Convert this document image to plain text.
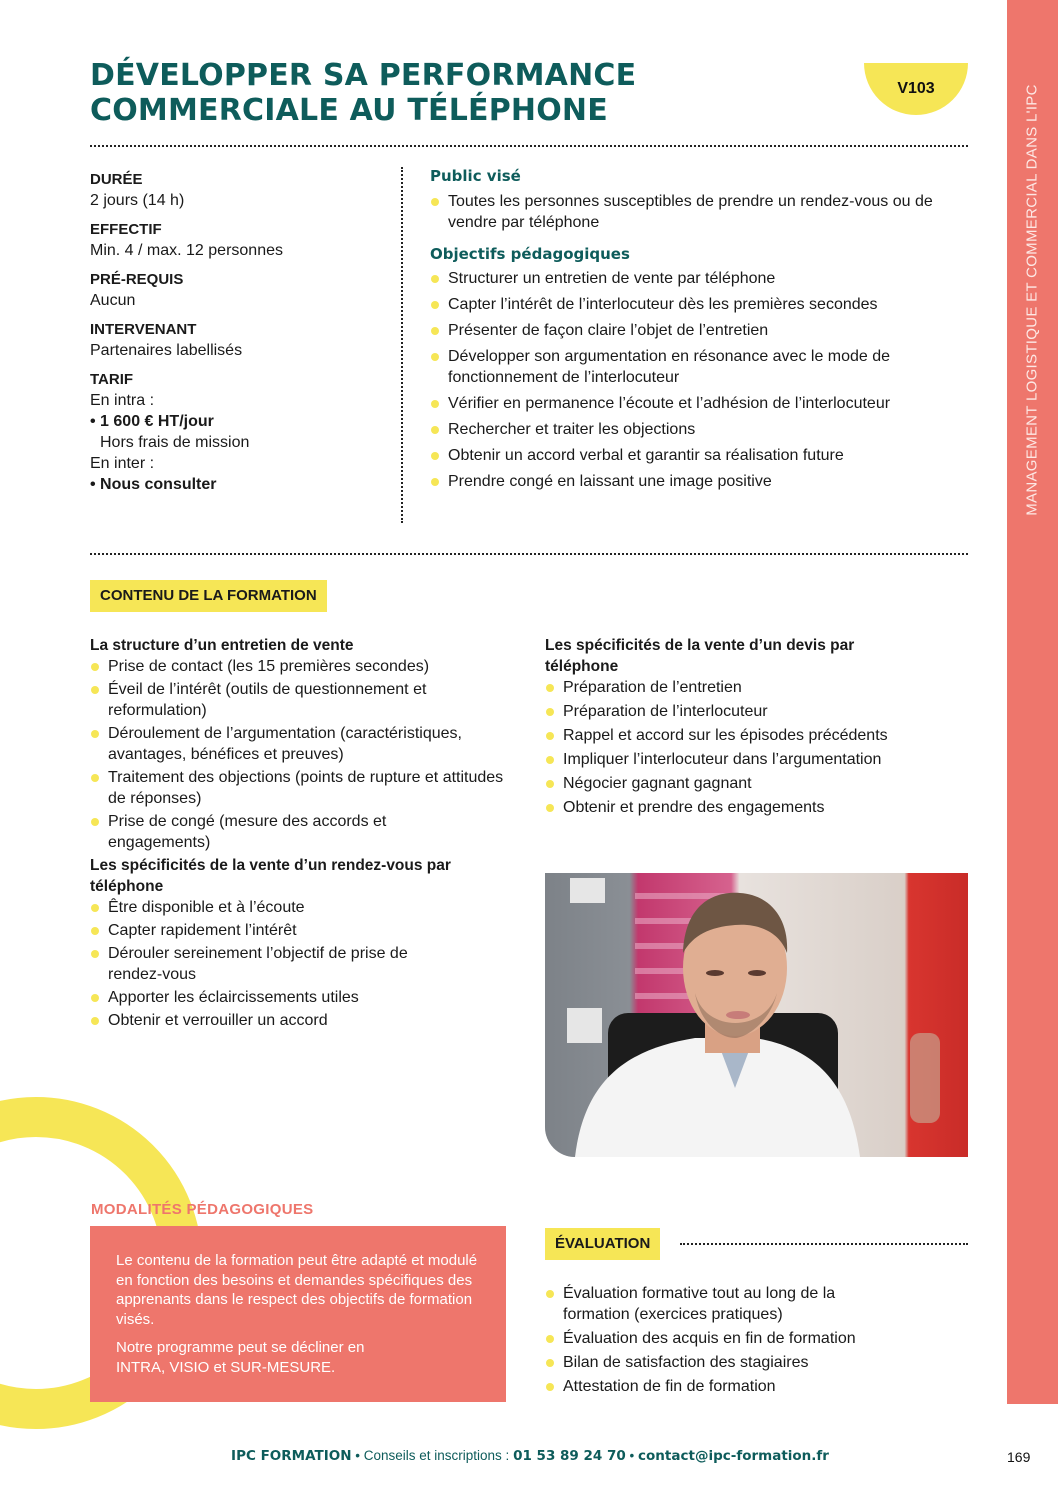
MANAGEMENT LOGISTIQUE ET COMMERCIAL DANS L'IPC
DÉVELOPPER SA PERFORMANCE
COMMERCIALE AU TÉLÉPHONE
V103
DURÉE
2 jours (14 h)
EFFECTIF
Min. 4 / max. 12 personnes
PRÉ-REQUIS
Aucun
INTERVENANT
Partenaires labellisés
TARIF
En intra :
• 1 600 € HT/jour
Hors frais de mission
En inter :
• Nous consulter
Public visé
Toutes les personnes susceptibles de prendre un rendez-vous ou de vendre par téléphone
Objectifs pédagogiques
Structurer un entretien de vente par téléphone
Capter l’intérêt de l’interlocuteur dès les premières secondes
Présenter de façon claire l’objet de l’entretien
Développer son argumentation en résonance avec le mode de fonctionnement de l’interlocuteur
Vérifier en permanence l’écoute et l’adhésion de l’interlocuteur
Rechercher et traiter les objections
Obtenir un accord verbal et garantir sa réalisation future
Prendre congé en laissant une image positive
CONTENU DE LA FORMATION
La structure d’un entretien de vente
Prise de contact (les 15 premières secondes)
Éveil de l’intérêt (outils de questionnement et reformulation)
Déroulement de l’argumentation (caractéristiques, avantages, bénéfices et preuves)
Traitement des objections (points de rupture et attitudes de réponses)
Prise de congé (mesure des accords et engagements)
Les spécificités de la vente d’un rendez-vous par téléphone
Être disponible et à l’écoute
Capter rapidement l’intérêt
Dérouler sereinement l’objectif de prise de rendez-vous
Apporter les éclaircissements utiles
Obtenir et verrouiller un accord
Les spécificités de la vente d’un devis par téléphone
Préparation de l’entretien
Préparation de l’interlocuteur
Rappel et accord sur les épisodes précédents
Impliquer l’interlocuteur dans l’argumentation
Négocier gagnant gagnant
Obtenir et prendre des engagements
MODALITÉS PÉDAGOGIQUES

Le contenu de la formation peut être adapté et modulé en fonction des besoins et demandes spécifiques des apprenants dans le respect des objectifs de formation visés.

Notre programme peut se décliner en INTRA, VISIO et SUR-MESURE.

ÉVALUATION
Évaluation formative tout au long de la formation (exercices pratiques)
Évaluation des acquis en fin de formation
Bilan de satisfaction des stagiaires
Attestation de fin de formation
IPC FORMATION • Conseils et inscriptions : 01 53 89 24 70 • contact@ipc-formation.fr	169
